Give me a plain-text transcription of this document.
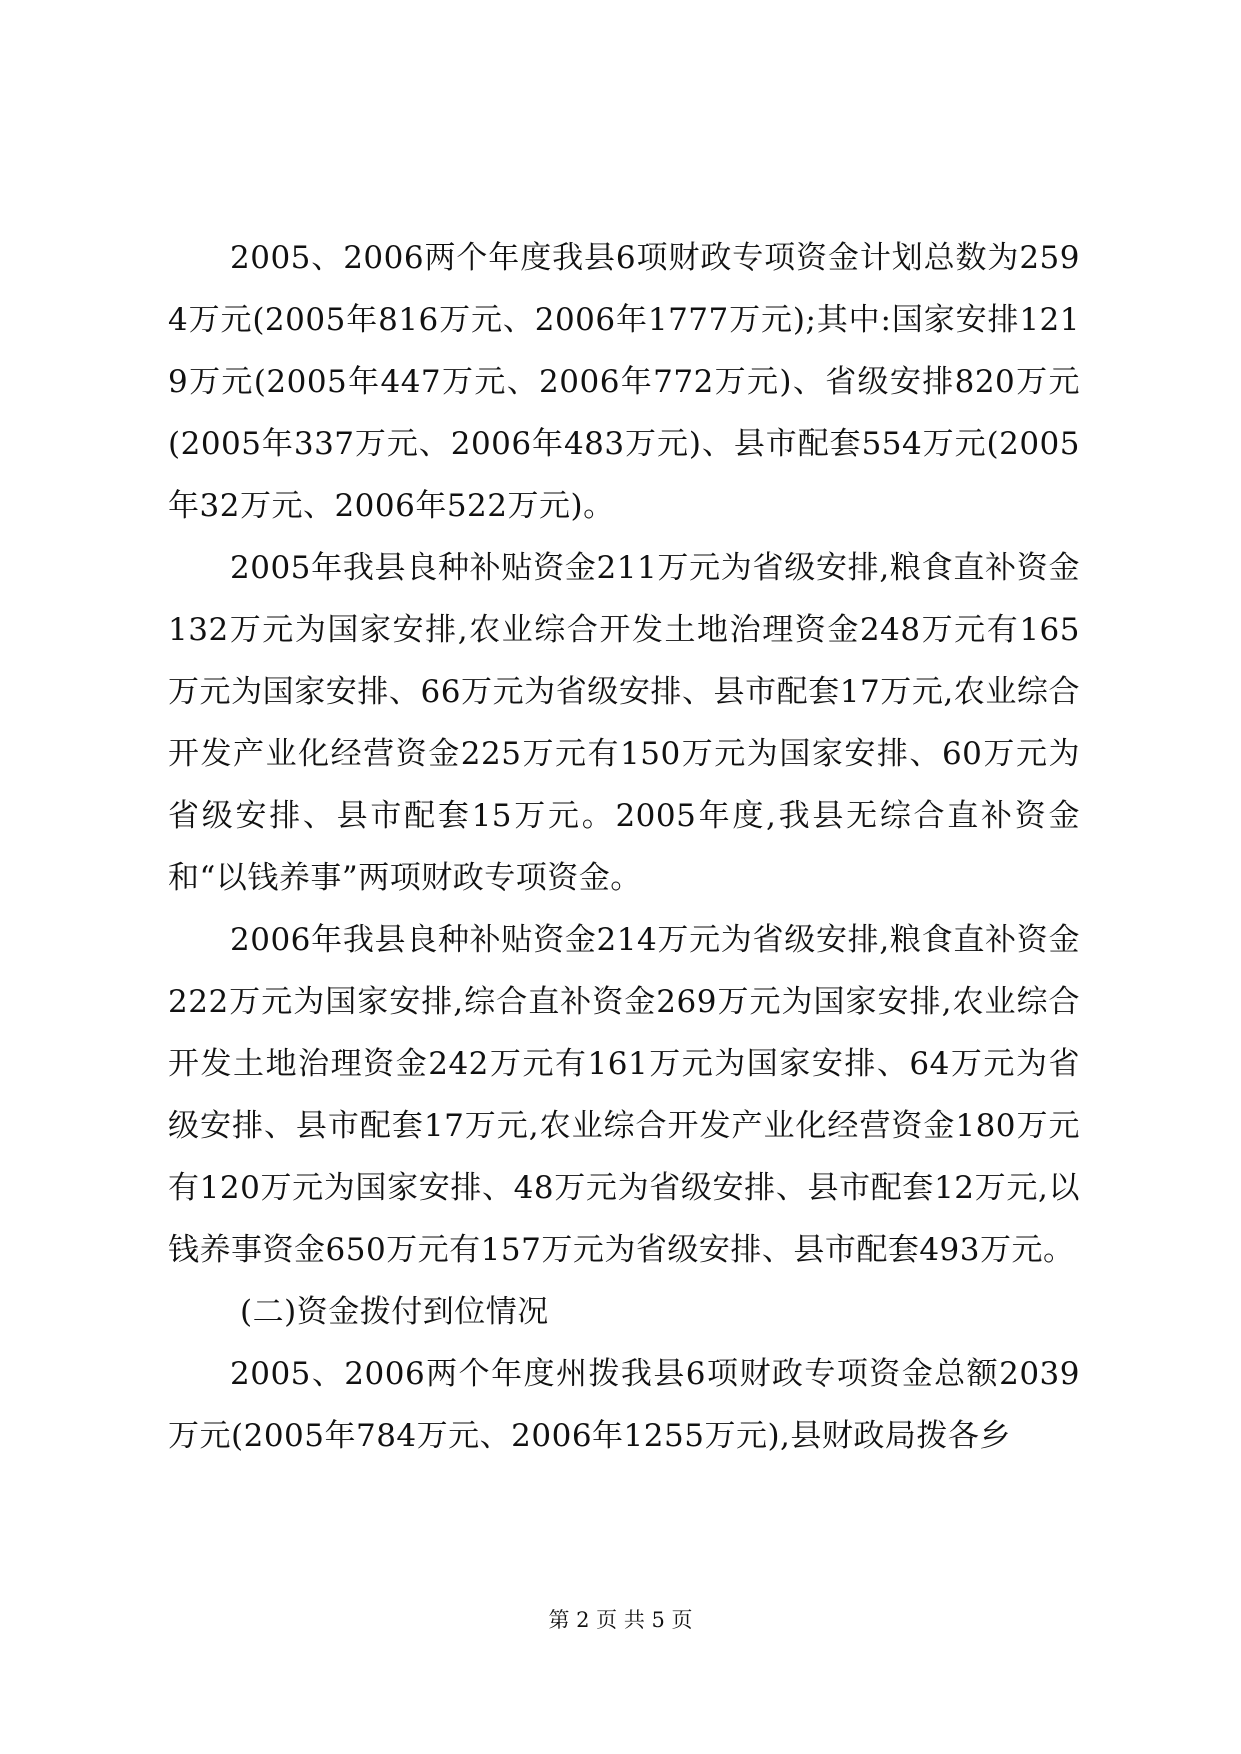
2005、2006两个年度我县6项财政专项资金计划总数为2594万元(2005年816万元、2006年1777万元);其中:国家安排1219万元(2005年447万元、2006年772万元)、省级安排820万元(2005年337万元、2006年483万元)、县市配套554万元(2005年32万元、2006年522万元)。

2005年我县良种补贴资金211万元为省级安排,粮食直补资金132万元为国家安排,农业综合开发土地治理资金248万元有165万元为国家安排、66万元为省级安排、县市配套17万元,农业综合开发产业化经营资金225万元有150万元为国家安排、60万元为省级安排、县市配套15万元。2005年度,我县无综合直补资金和“以钱养事”两项财政专项资金。

2006年我县良种补贴资金214万元为省级安排,粮食直补资金222万元为国家安排,综合直补资金269万元为国家安排,农业综合开发土地治理资金242万元有161万元为国家安排、64万元为省级安排、县市配套17万元,农业综合开发产业化经营资金180万元有120万元为国家安排、48万元为省级安排、县市配套12万元,以钱养事资金650万元有157万元为省级安排、县市配套493万元。

(二)资金拨付到位情况

2005、2006两个年度州拨我县6项财政专项资金总额2039万元(2005年784万元、2006年1255万元),县财政局拨各乡

第 2 页 共 5 页
